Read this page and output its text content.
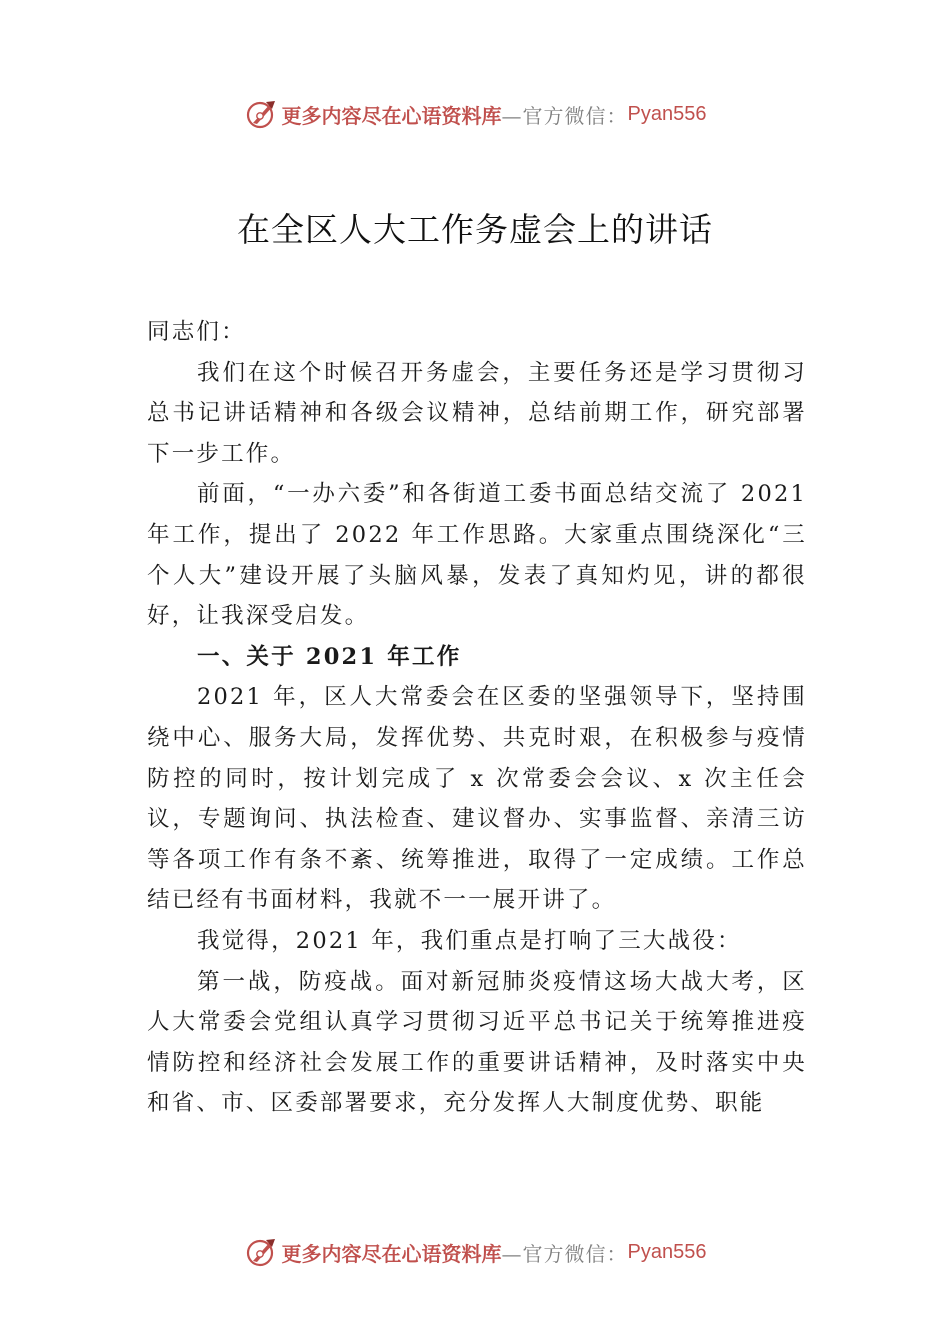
更多内容尽在心语资料库 —官方微信： Pyan556
在全区人大工作务虚会上的讲话

同志们：

我们在这个时候召开务虚会，主要任务还是学习贯彻习总书记讲话精神和各级会议精神，总结前期工作，研究部署下一步工作。

前面，“一办六委”和各街道工委书面总结交流了 2021 年工作，提出了 2022 年工作思路。大家重点围绕深化“三个人大”建设开展了头脑风暴，发表了真知灼见，讲的都很好，让我深受启发。

一、关于 2021 年工作

2021 年，区人大常委会在区委的坚强领导下，坚持围绕中心、服务大局，发挥优势、共克时艰，在积极参与疫情防控的同时，按计划完成了 x 次常委会会议、x 次主任会议，专题询问、执法检查、建议督办、实事监督、亲清三访等各项工作有条不紊、统筹推进，取得了一定成绩。工作总结已经有书面材料，我就不一一展开讲了。

我觉得，2021 年，我们重点是打响了三大战役：

第一战，防疫战。面对新冠肺炎疫情这场大战大考，区人大常委会党组认真学习贯彻习近平总书记关于统筹推进疫情防控和经济社会发展工作的重要讲话精神，及时落实中央和省、市、区委部署要求，充分发挥人大制度优势、职能

更多内容尽在心语资料库 —官方微信： Pyan556
